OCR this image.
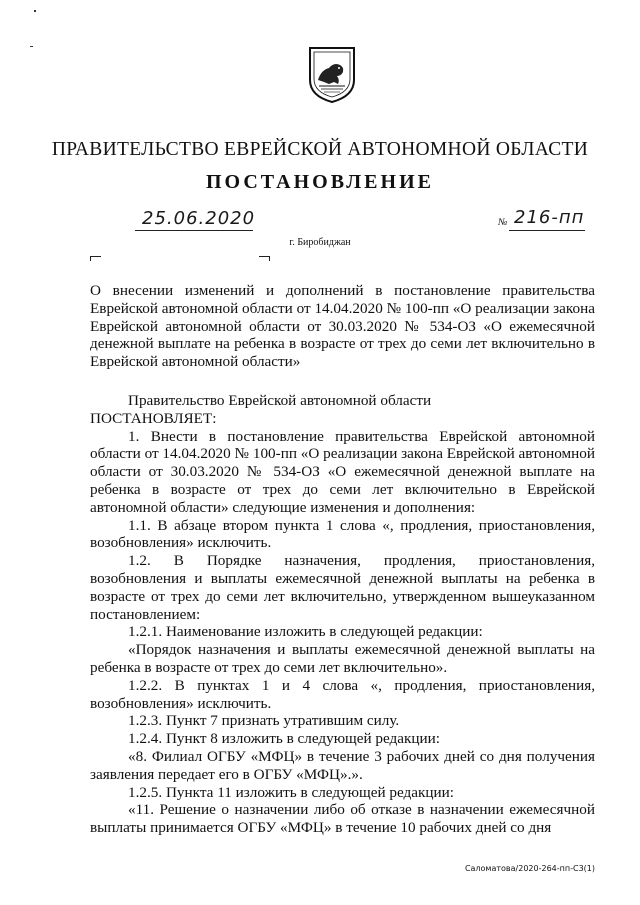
ПРАВИТЕЛЬСТВО ЕВРЕЙСКОЙ АВТОНОМНОЙ ОБЛАСТИ
ПОСТАНОВЛЕНИЕ
25.06.2020	№ 216-пп
г. Биробиджан

О внесении изменений и дополнений в постановление правительства Еврейской автономной области от 14.04.2020 № 100-пп «О реализации закона Еврейской автономной области от 30.03.2020 № 534-ОЗ «О ежемесячной денежной выплате на ребенка в возрасте от трех до семи лет включительно в Еврейской автономной области»

Правительство Еврейской автономной области

ПОСТАНОВЛЯЕТ:

1. Внести в постановление правительства Еврейской автономной области от 14.04.2020 № 100-пп «О реализации закона Еврейской автономной области от 30.03.2020 № 534-ОЗ «О ежемесячной денежной выплате на ребенка в возрасте от трех до семи лет включительно в Еврейской автономной области» следующие изменения и дополнения:

1.1. В абзаце втором пункта 1 слова «, продления, приостановления, возобновления» исключить.

1.2. В Порядке назначения, продления, приостановления, возобновления и выплаты ежемесячной денежной выплаты на ребенка в возрасте от трех до семи лет включительно, утвержденном вышеуказанном постановлением:

1.2.1. Наименование изложить в следующей редакции:

«Порядок назначения и выплаты ежемесячной денежной выплаты на ребенка в возрасте от трех до семи лет включительно».

1.2.2. В пунктах 1 и 4 слова «, продления, приостановления, возобновления» исключить.

1.2.3. Пункт 7 признать утратившим силу.

1.2.4. Пункт 8 изложить в следующей редакции:

«8. Филиал ОГБУ «МФЦ» в течение 3 рабочих дней со дня получения заявления передает его в ОГБУ «МФЦ».».

1.2.5. Пункта 11 изложить в следующей редакции:

«11. Решение о назначении либо об отказе в назначении ежемесячной выплаты принимается ОГБУ «МФЦ» в течение 10 рабочих дней со дня

Саломатова/2020-264-пп-С3(1)
